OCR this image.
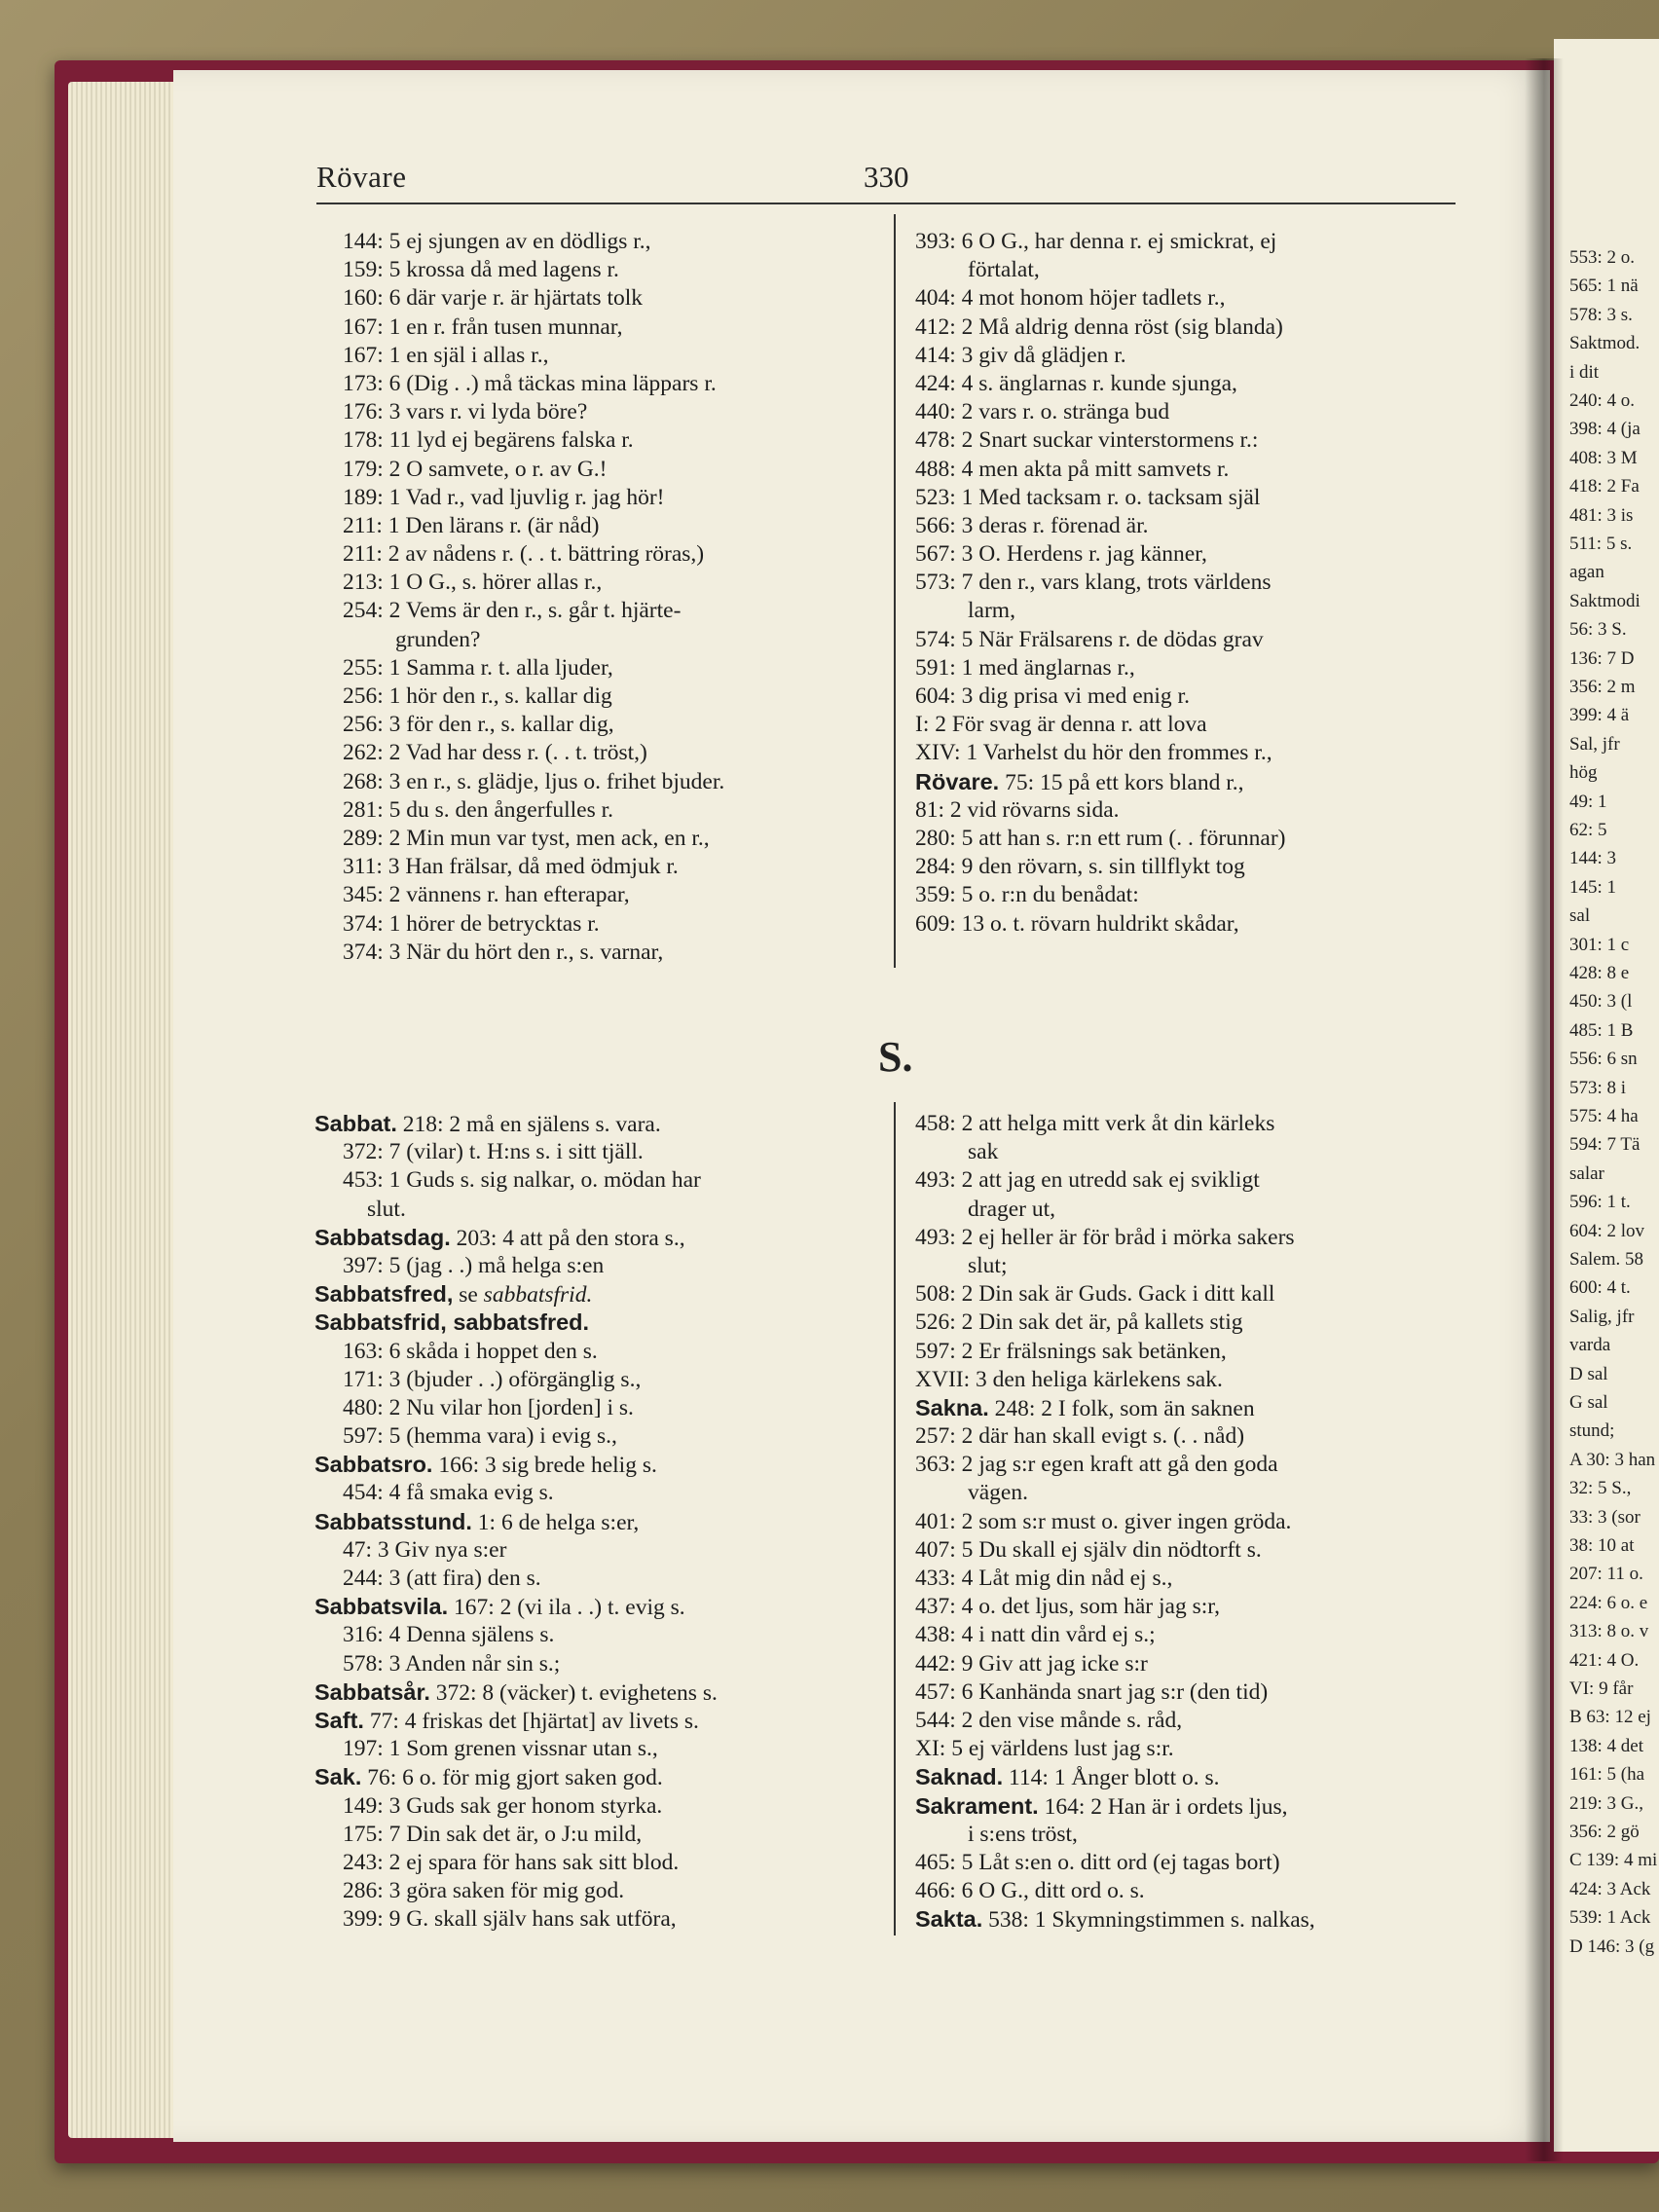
553: 2 o.
565: 1 nä
578: 3 s.
Saktmod.
i dit
240: 4 o.
398: 4 (ja
408: 3 M
418: 2 Fa
481: 3 is
511: 5 s.
agan
Saktmodi
56: 3 S.
136: 7 D
356: 2 m
399: 4 ä
Sal, jfr
hög
49: 1
62: 5
144: 3
145: 1
sal
301: 1 c
428: 8 e
450: 3 (l
485: 1 B
556: 6 sn
573: 8 i
575: 4 ha
594: 7 Tä
salar
596: 1 t.
604: 2 lov
Salem. 58
600: 4 t.
Salig, jfr
varda
D sal
G sal
stund;
A 30: 3 han
32: 5 S.,
33: 3 (sor
38: 10 at
207: 11 o.
224: 6 o. e
313: 8 o. v
421: 4 O.
VI: 9 får
B 63: 12 ej
138: 4 det
161: 5 (ha
219: 3 G.,
356: 2 gö
C 139: 4 mi
424: 3 Ack
539: 1 Ack
D 146: 3 (g
Rövare	330
144: 5 ej sjungen av en dödligs r.,
159: 5 krossa då med lagens r.
160: 6 där varje r. är hjärtats tolk
167: 1 en r. från tusen munnar,
167: 1 en själ i allas r.,
173: 6 (Dig . .) må täckas mina läppars r.
176: 3 vars r. vi lyda böre?
178: 11 lyd ej begärens falska r.
179: 2 O samvete, o r. av G.!
189: 1 Vad r., vad ljuvlig r. jag hör!
211: 1 Den lärans r. (är nåd)
211: 2 av nådens r. (. . t. bättring röras,)
213: 1 O G., s. hörer allas r.,
254: 2 Vems är den r., s. går t. hjärte-
grunden?
255: 1 Samma r. t. alla ljuder,
256: 1 hör den r., s. kallar dig
256: 3 för den r., s. kallar dig,
262: 2 Vad har dess r. (. . t. tröst,)
268: 3 en r., s. glädje, ljus o. frihet bjuder.
281: 5 du s. den ångerfulles r.
289: 2 Min mun var tyst, men ack, en r.,
311: 3 Han frälsar, då med ödmjuk r.
345: 2 vännens r. han efterapar,
374: 1 hörer de betrycktas r.
374: 3 När du hört den r., s. varnar,
393: 6 O G., har denna r. ej smickrat, ej
förtalat,
404: 4 mot honom höjer tadlets r.,
412: 2 Må aldrig denna röst (sig blanda)
414: 3 giv då glädjen r.
424: 4 s. änglarnas r. kunde sjunga,
440: 2 vars r. o. stränga bud
478: 2 Snart suckar vinterstormens r.:
488: 4 men akta på mitt samvets r.
523: 1 Med tacksam r. o. tacksam själ
566: 3 deras r. förenad är.
567: 3 O. Herdens r. jag känner,
573: 7 den r., vars klang, trots världens
larm,
574: 5 När Frälsarens r. de dödas grav
591: 1 med änglarnas r.,
604: 3 dig prisa vi med enig r.
I: 2 För svag är denna r. att lova
XIV: 1 Varhelst du hör den frommes r.,
Rövare. 75: 15 på ett kors bland r.,
81: 2 vid rövarns sida.
280: 5 att han s. r:n ett rum (. . förunnar)
284: 9 den rövarn, s. sin tillflykt tog
359: 5 o. r:n du benådat:
609: 13 o. t. rövarn huldrikt skådar,
S.
Sabbat. 218: 2 må en själens s. vara.
372: 7 (vilar) t. H:ns s. i sitt tjäll.
453: 1 Guds s. sig nalkar, o. mödan har
slut.
Sabbatsdag. 203: 4 att på den stora s.,
397: 5 (jag . .) må helga s:en
Sabbatsfred, se sabbatsfrid.
Sabbatsfrid, sabbatsfred.
163: 6 skåda i hoppet den s.
171: 3 (bjuder . .) oförgänglig s.,
480: 2 Nu vilar hon [jorden] i s.
597: 5 (hemma vara) i evig s.,
Sabbatsro. 166: 3 sig brede helig s.
454: 4 få smaka evig s.
Sabbatsstund. 1: 6 de helga s:er,
47: 3 Giv nya s:er
244: 3 (att fira) den s.
Sabbatsvila. 167: 2 (vi ila . .) t. evig s.
316: 4 Denna själens s.
578: 3 Anden når sin s.;
Sabbatsår. 372: 8 (väcker) t. evighetens s.
Saft. 77: 4 friskas det [hjärtat] av livets s.
197: 1 Som grenen vissnar utan s.,
Sak. 76: 6 o. för mig gjort saken god.
149: 3 Guds sak ger honom styrka.
175: 7 Din sak det är, o J:u mild,
243: 2 ej spara för hans sak sitt blod.
286: 3 göra saken för mig god.
399: 9 G. skall själv hans sak utföra,
458: 2 att helga mitt verk åt din kärleks
sak
493: 2 att jag en utredd sak ej svikligt
drager ut,
493: 2 ej heller är för bråd i mörka sakers
slut;
508: 2 Din sak är Guds. Gack i ditt kall
526: 2 Din sak det är, på kallets stig
597: 2 Er frälsnings sak betänken,
XVII: 3 den heliga kärlekens sak.
Sakna. 248: 2 I folk, som än saknen
257: 2 där han skall evigt s. (. . nåd)
363: 2 jag s:r egen kraft att gå den goda
vägen.
401: 2 som s:r must o. giver ingen gröda.
407: 5 Du skall ej själv din nödtorft s.
433: 4 Låt mig din nåd ej s.,
437: 4 o. det ljus, som här jag s:r,
438: 4 i natt din vård ej s.;
442: 9 Giv att jag icke s:r
457: 6 Kanhända snart jag s:r (den tid)
544: 2 den vise månde s. råd,
XI: 5 ej världens lust jag s:r.
Saknad. 114: 1 Ånger blott o. s.
Sakrament. 164: 2 Han är i ordets ljus,
i s:ens tröst,
465: 5 Låt s:en o. ditt ord (ej tagas bort)
466: 6 O G., ditt ord o. s.
Sakta. 538: 1 Skymningstimmen s. nalkas,
